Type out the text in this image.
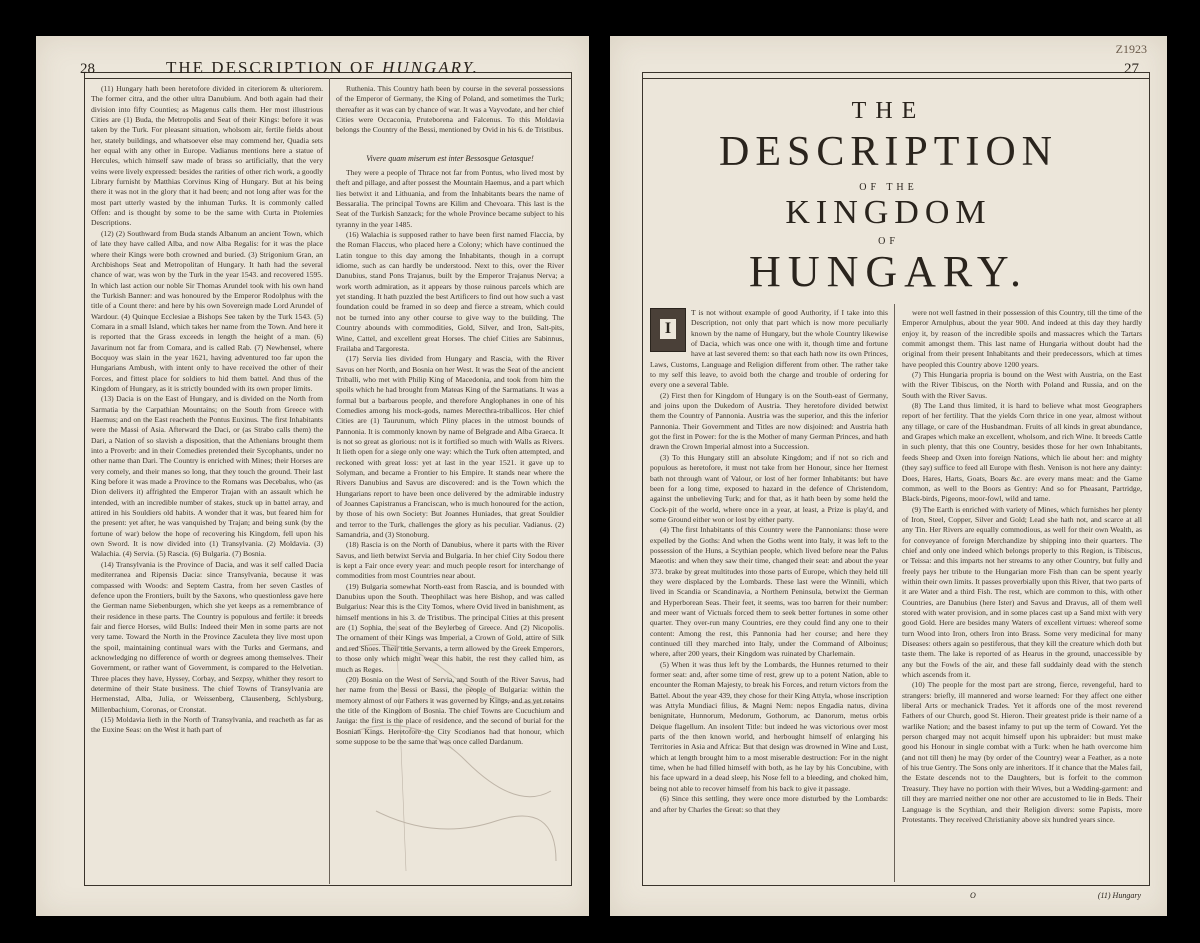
28	THE DESCRIPTION OF HUNGARY.

(11) Hungary hath been heretofore divided in citeriorem & ulteriorem. The former citra, and the other ultra Danubium. And both again had their division into fifty Counties; as Magenus calls them. Her most illustrious Cities are (1) Buda, the Metropolis and Seat of their Kings: before it was taken by the Turk. For pleasant situation, wholsom air, fertile fields about her, stately buildings, and whatsoever else may commend her, Quadia sets her equal with any other in Europe. Vadianus mentions here a statue of Hercules, which himself saw made of brass so artificially, that the very veins were lively expressed: besides the rarities of other rich work, a goodly Library furnisht by Matthias Corvinus King of Hungary. But at his being there it was not in the glory that it had been; and not long after was for the most part utterly wasted by the inhuman Turks. It is commonly called Offen: and is thought by some to be the same with Curta in Ptolemies Descriptions.

(12) (2) Southward from Buda stands Albanum an ancient Town, which of late they have called Alba, and now Alba Regalis: for it was the place where their Kings were both crowned and buried. (3) Strigonium Gran, an Archbishops Seat and Metropolitan of Hungary. It hath had the several chance of war, was won by the Turk in the year 1543. and recovered 1595. In which last action our noble Sir Thomas Arundel took with his own hand the Turkish Banner: and was honoured by the Emperor Rodolphus with the title of a Count there: and here by his own Sovereign made Lord Arundel of Wardour. (4) Quinque Ecclesiae a Bishops See taken by the Turk 1543. (5) Comara in a small Island, which takes her name from the Town. And here it is reported that the Grass exceeds in length the height of a man. (6) Javarinum not far from Comara, and is called Rab. (7) Newhensel, where Bocquoy was slain in the year 1621, having adventured too far upon the Hungarians Ambush, with intent only to have received the other of their Forces, and fittest place for soldiers to hid them battel. And thus of the Kingdom of Hungary, as it is strictly bounded with its own proper limits.

(13) Dacia is on the East of Hungary, and is divided on the North from Sarmatia by the Carpathian Mountains; on the South from Greece with Haemus; and on the East reacheth the Pontus Euxinus. The first Inhabitants were the Massi of Asia. Afterward the Daci, or (as Strabo calls them) the Dari, a Nation of so slavish a disposition, that the Athenians brought them into a Proverb: and in their Comedies pretended their Sycophants, under no other name than Dari. The Country is enriched with Mines; their Horses are very comely, and their manes so long, that they touch the ground. Their last King before it was made a Province to the Romans was Decebalus, who (as Dion delivers it) affrighted the Emperor Trajan with an assault which he intended, with an incredible number of stakes, stuck up in battel array, and attired in his Souldiers old habits. A wonder that it was, but feared him for the present: yet after, he was vanquished by Trajan; and being sunk (by the fortune of war) below the hope of recovering his Kingdom, fell upon his own Sword. It is now divided into (1) Transylvania. (2) Moldavia. (3) Walachia. (4) Servia. (5) Rascia. (6) Bulgaria. (7) Bosnia.

(14) Transylvania is the Province of Dacia, and was it self called Dacia mediterranea and Ripensis Dacia: since Transylvania, because it was compassed with Woods: and Septem Castra, from her seven Castles of defence upon the Frontiers, built by the Saxons, who questionless gave here the German name Siebenburgen, which she yet keeps as a remembrance of their residence in these parts. The Country is populous and fertile: it breeds fair and fierce Horses, wild Bulls: Indeed their Men in some parts are not very tame. Toward the North in the Province Zaculeta they live most upon the spoil, maintaining continual wars with the Turks and Germans, and acknowledging no difference of worth or degrees among themselves. Their Government, or rather want of Government, is compared to the Helvetian. Three places they have, Hyssey, Corbay, and Sezpsy, whither they resort to determine of their State business. The chief Towns of Transylvania are Hermenstad, Alba, Julia, or Weissenberg, Clausenberg, Schlysburg, Millenbachium, Coronas, or Cronstat.

(15) Moldavia lieth in the North of Transylvania, and reacheth as far as the Euxine Seas: on the West it hath part of

Ruthenia. This Country hath been by course in the several possessions of the Emperor of Germany, the King of Poland, and sometimes the Turk; thereafter as it was can by chance of war. It was a Vayvodate, and her chief Cities were Occaconia, Pruteborena and Falcenus. To this Moldavia belongs the Country of the Bessi, mentioned by Ovid in his 6. de Tristibus.

Vivere quam miserum est inter Bessosque Getasque!

They were a people of Thrace not far from Pontus, who lived most by theft and pillage, and after possest the Mountain Haemus, and a part which lies betwixt it and Lithuania, and from the Inhabitants bears the name of Bessaralia. The principal Towns are Kilim and Chevoara. This last is the Seat of the Turkish Sanzack; for the whole Province became subject to his tyranny in the year 1485.

(16) Walachia is supposed rather to have been first named Flaccia, by the Roman Flaccus, who placed here a Colony; which have continued the Latin tongue to this day among the Inhabitants, though in a corrupt idiome, such as can hardly be understood. Next to this, over the River Danubius, stand Pons Trajanus, built by the Emperor Trajanus Nerva; a work worth admiration, as it appears by those ruinous parcels which are yet standing. It hath puzzled the best Artificers to find out how such a vast foundation could be framed in so deep and fierce a stream, which could not be turned into any other course to give way to the building. The Country abounds with commodities, Gold, Silver, and Iron, Salt-pits, Wine, Cattel, and excellent great Horses. The chief Cities are Sabinnus, Frailaba and Targoresta.

(17) Servia lies divided from Hungary and Rascia, with the River Savus on her North, and Bosnia on her West. It was the Seat of the ancient Triballi, who met with Philip King of Macedonia, and took from him the spoils which he had brought from Mateas King of the Sarmatians. It was a formal but a barbarous people, and therefore Anglophanes in one of his Comedies among his mock-gods, names Merecthra-triballicos. Her chief Cities are (1) Taurunum, which Pliny places in the utmost bounds of Pannonia. It is commonly known by name of Belgrade and Alba Graeca. It is not so great as glorious: not is it fortified so much with Walls as Rivers. It lieth open for a siege only one way: which the Turk often attempted, and reckoned with great loss: yet at last in the year 1521. it gave up to Solyman, and became a Frontier to his Empire. It stands near where the Rivers Danubius and Savus are discovered: and is the Town which the Hungarians report to have been once delivered by the admirable industry of Joannes Capistranus a Franciscan, who is much honoured for the action, by those of his own Society: But Joannes Huniades, that great Souldier and terror to the Turk, challenges the glory as his peculiar. Vadianus. (2) Samandria, and (3) Stonoburg.

(18) Rascia is on the North of Danubius, where it parts with the River Savus, and lieth betwixt Servia and Bulgaria. In her chief City Sodou there is kept a Fair once every year: and much people resort for interchange of commodities from most Countries near about.

(19) Bulgaria somewhat North-east from Rascia, and is bounded with Danubius upon the South. Theophilact was here Bishop, and was called Bulgarius: Near this is the City Tomos, where Ovid lived in banishment, as himself mentions in his 3. de Tristibus. The principal Cities at this present are (1) Sophia, the seat of the Beylerbeg of Greece. And (2) Nicopolis. The ornament of their Kings was Imperial, a Crown of Gold, attire of Silk and red Shoes. Their title Servants, a term allowed by the Greek Emperors, to those only which might wear this habit, the rest they called him, as much as Reges.

(20) Bosnia on the West of Servia, and South of the River Savus, had her name from the Bessi or Bassi, the people of Bulgaria: within the memory almost of our Fathers it was governed by Kings, and as yet retains the title of the Kingdom of Bosnia. The chief Towns are Cucuchium and Jauiga: the first is the place of residence, and the second of burial for the Bosnian Kings. Heretofore the City Scodianos had that honour, which some suppose to be the same that was once called Dardanum.

Z1923
27
THE
DESCRIPTION
OF THE
KINGDOM
OF
HUNGARY.

I
T is not without example of good Authority, if I take into this Description, not only that part which is now more peculiarly known by the name of Hungary, but the whole Country likewise of Dacia, which was once one with it, though time and fortune have at last severed them: so that each hath now its own Princes, Laws, Customs, Language and Religion different from other. The rather take to my self this leave, to avoid both the charge and trouble of ordering for every one a several Table.

(2) First then for Kingdom of Hungary is on the South-east of Germany, and joins upon the Dukedom of Austria. They heretofore divided betwixt them the Country of Pannonia. Austria was the superior, and this the inferior Pannonia. Their Government and Titles are now disjoined: and Austria hath got the first in Power: for the is the Mother of many German Princes, and hath drawn the Crown Imperial almost into a Succession.

(3) To this Hungary still an absolute Kingdom; and if not so rich and populous as heretofore, it must not take from her Honour, since her Iternest bath not through want of Valour, or lost of her former Inhabitants: but have been for a long time, exposed to hazard in the defence of Christendom, against the unbelieving Turk; and for that, as it hath been by some held the Cock-pit of the world, where once in a year, at least, a Prize is play'd, and some Ground either won or lost by either party.

(4) The first Inhabitants of this Country were the Pannonians: those were expelled by the Goths: And when the Goths went into Italy, it was left to the possession of the Huns, a Scythian people, which lived before near the Palus Maeotis: and when they saw their time, changed their seat: and about the year 373. brake by great multitudes into those parts of Europe, which they held till they were displaced by the Lombards. These last were the Winnili, which lived in Scandia or Scandinavia, a Northern Peninsula, betwixt the German and Hyperborean Seas. Their feet, it seems, was too barren for their number: and meer want of Victuals forced them to seek better fortunes in some other quarter. They over-run many Countries, ere they could find any one to their content: Among the rest, this Pannonia had her course; and here they continued till they marched into Italy, under the Command of Alboinus; where, after 200 years, their Kingdom was ruinated by Charlemain.

(5) When it was thus left by the Lombards, the Hunnes returned to their former seat: and, after some time of rest, grew up to a potent Nation, able to encounter the Roman Majesty, to break his Forces, and return victors from the Battel. About the year 439, they chose for their King Attyla, whose inscription was Attyla Mundiaci filius, & Magni Nem: nepos Engadia natus, divina benignitate, Hunnorum, Medorum, Gothorum, ac Danorum, metus orbis Deique flagellum. An insolent Title: but indeed he was victorious over most parts of the then known world, and herbought himself of enlarging his Territories in Asia and Africa: But that design was drowned in Wine and Lust, which at length brought him to a most miserable destruction: For in the night time, when he had filled himself with both, as he lay by his Concubine, with his face upward in a dead sleep, his Nose fell to a bleeding, and choked him, being not able to recover himself from his back to give it passage.

(6) Since this settling, they were once more disturbed by the Lombards: and after by Charles the Great: so that they

were not well fastned in their possession of this Country, till the time of the Emperor Arnulphus, about the year 900. And indeed at this day they hardly enjoy it, by reason of the incredible spoils and massacres which the Tartars commit amongst them. This last name of Hungaria without doubt had the original from their present Inhabitants and their predecessors, which at times have peopled this Country above 1200 years.

(7) This Hungaria propria is bound on the West with Austria, on the East with the River Tibiscus, on the North with Poland and Russia, and on the South with the River Savus.

(8) The Land thus limited, it is hard to believe what most Geographers report of her fertility. That the yields Corn thrice in one year, almost without any tillage, or care of the Husbandman. Fruits of all kinds in great abundance, and Grapes which make an excellent, wholsom, and rich Wine. It breeds Cattle in such plenty, that this one Country, besides those for her own Inhabitants, feeds Sheep and Oxen into foreign Nations, which lie about her: and mighty (they say) suffice to feed all Europe with flesh. Venison is not here any dainty: Does, Hares, Harts, Goats, Boars &c. are every mans meat: and the Game common, as well to the Boors as Gentry: And so for Pheasant, Partridge, Black-birds, Pigeons, moor-fowl, wild and tame.

(9) The Earth is enriched with variety of Mines, which furnishes her plenty of Iron, Steel, Copper, Silver and Gold; Lead she hath not, and scarce at all any Tin. Her Rivers are equally commodious, as well for their own Wealth, as for conveyance of foreign Merchandize by shipping into their quarters. The chief and only one indeed which belongs properly to this Region, is Tibiscus, or Teissa: and this imparts not her streams to any other Country, but fully and freely pays her tribute to the Hungarian more Fish than can be spent yearly within their own limits. It passes proverbially upon this River, that two parts of it are Water and a third Fish. The rest, which are common to this, with other Countries, are Danubius (here Ister) and Savus and Dravus, all of them well stored with water provision, and in some places cast up a Sand mixt with very good Gold. Here are besides many Waters of excellent virtues: whereof some turn Wood into Iron, others Iron into Brass. Some very medicinal for many Diseases: others again so pestiferous, that they kill the creature which doth but taste them. The lake is reported of as Hearus in the ground, unaccessible by any but the Fowls of the air, and these fall suddainly dead with the stench which ascends from it.

(10) The people for the most part are strong, fierce, revengeful, hard to strangers: briefly, ill mannered and worse learned: For they affect one either liberal Arts or mechanick Trades. Yet it affords one of the most reverend Fathers of our Church, good St. Hieron. Their greatest pride is their name of a warlike Nation; and the basest infamy to put up the term of Coward. Yet the person charged may not acquit himself upon his upbraider: but must make good his Honour in single combat with a Turk: when he hath overcome him (and not till then) he may (by order of the Country) wear a Feather, as a note of his true Gentry. The Sons only are inheritors. If it chance that the Males fail, the Estate descends not to the Daughters, but is forfeit to the common Treasury. They have no portion with their Wives, but a Wedding-garment: and till they are married neither one nor other are accustomed to lie in Beds. Their Language is the Scythian, and their Religion divers: some Papists, more Protestants. They received Christianity above six hundred years since.

O	(11) Hungary
